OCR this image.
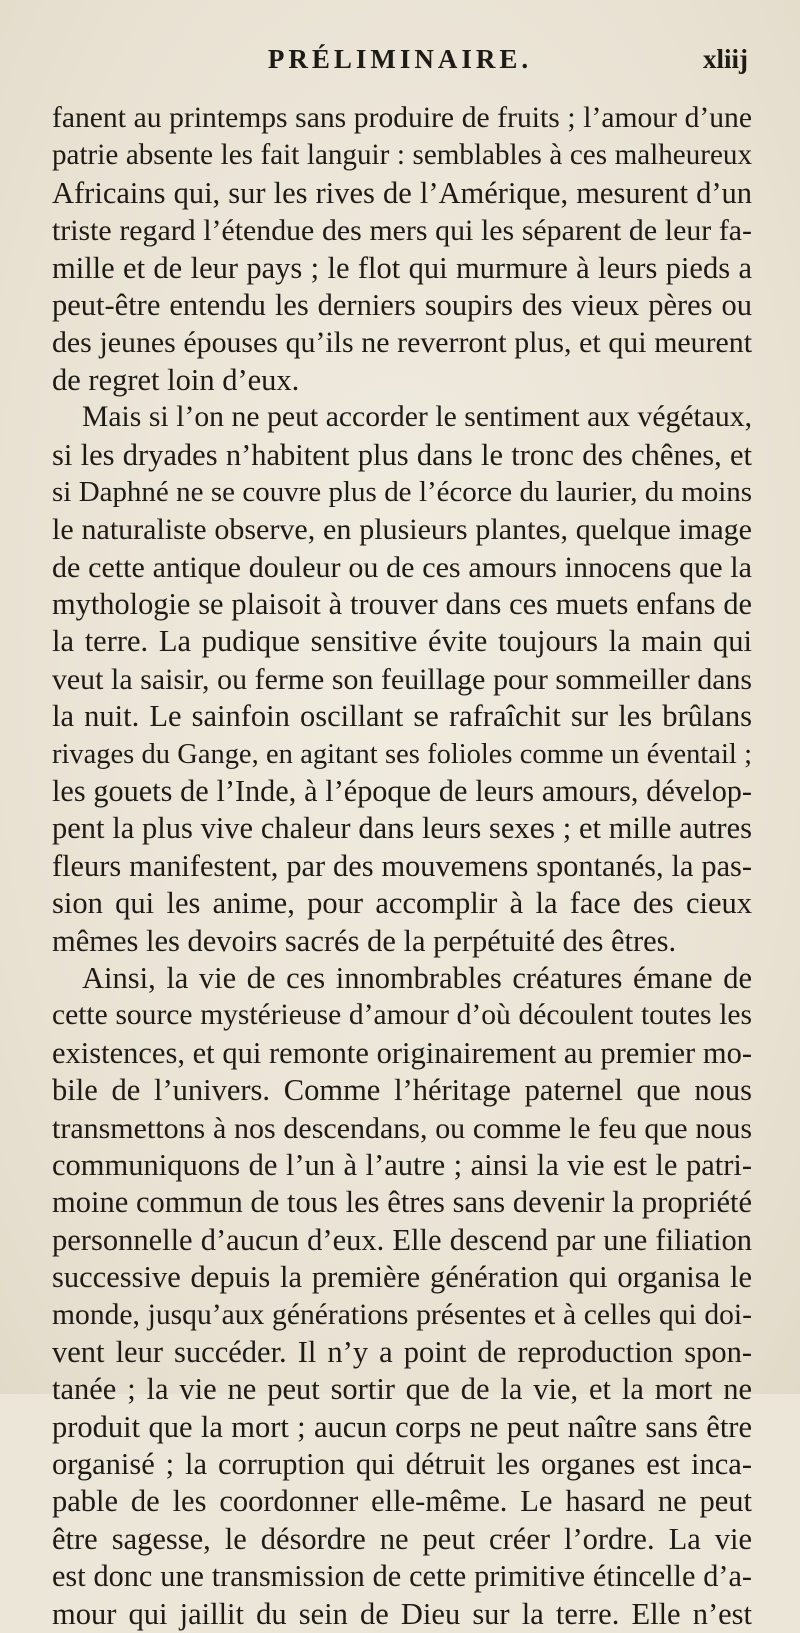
PRÉLIMINAIRE.	xliij
fanent au printemps sans produire de fruits ; l’amour d’une
patrie absente les fait languir : semblables à ces malheureux
Africains qui, sur les rives de l’Amérique, mesurent d’un
triste regard l’étendue des mers qui les séparent de leur fa-
mille et de leur pays ; le flot qui murmure à leurs pieds a
peut-être entendu les derniers soupirs des vieux pères ou
des jeunes épouses qu’ils ne reverront plus, et qui meurent
de regret loin d’eux.
Mais si l’on ne peut accorder le sentiment aux végétaux,
si les dryades n’habitent plus dans le tronc des chênes, et
si Daphné ne se couvre plus de l’écorce du laurier, du moins
le naturaliste observe, en plusieurs plantes, quelque image
de cette antique douleur ou de ces amours innocens que la
mythologie se plaisoit à trouver dans ces muets enfans de
la terre. La pudique sensitive évite toujours la main qui
veut la saisir, ou ferme son feuillage pour sommeiller dans
la nuit. Le sainfoin oscillant se rafraîchit sur les brûlans
rivages du Gange, en agitant ses folioles comme un éventail ;
les gouets de l’Inde, à l’époque de leurs amours, dévelop-
pent la plus vive chaleur dans leurs sexes ; et mille autres
fleurs manifestent, par des mouvemens spontanés, la pas-
sion qui les anime, pour accomplir à la face des cieux
mêmes les devoirs sacrés de la perpétuité des êtres.
Ainsi, la vie de ces innombrables créatures émane de
cette source mystérieuse d’amour d’où découlent toutes les
existences, et qui remonte originairement au premier mo-
bile de l’univers. Comme l’héritage paternel que nous
transmettons à nos descendans, ou comme le feu que nous
communiquons de l’un à l’autre ; ainsi la vie est le patri-
moine commun de tous les êtres sans devenir la propriété
personnelle d’aucun d’eux. Elle descend par une filiation
successive depuis la première génération qui organisa le
monde, jusqu’aux générations présentes et à celles qui doi-
vent leur succéder. Il n’y a point de reproduction spon-
tanée ; la vie ne peut sortir que de la vie, et la mort ne
produit que la mort ; aucun corps ne peut naître sans être
organisé ; la corruption qui détruit les organes est inca-
pable de les coordonner elle-même. Le hasard ne peut
être sagesse, le désordre ne peut créer l’ordre. La vie
est donc une transmission de cette primitive étincelle d’a-
mour qui jaillit du sein de Dieu sur la terre. Elle n’est
